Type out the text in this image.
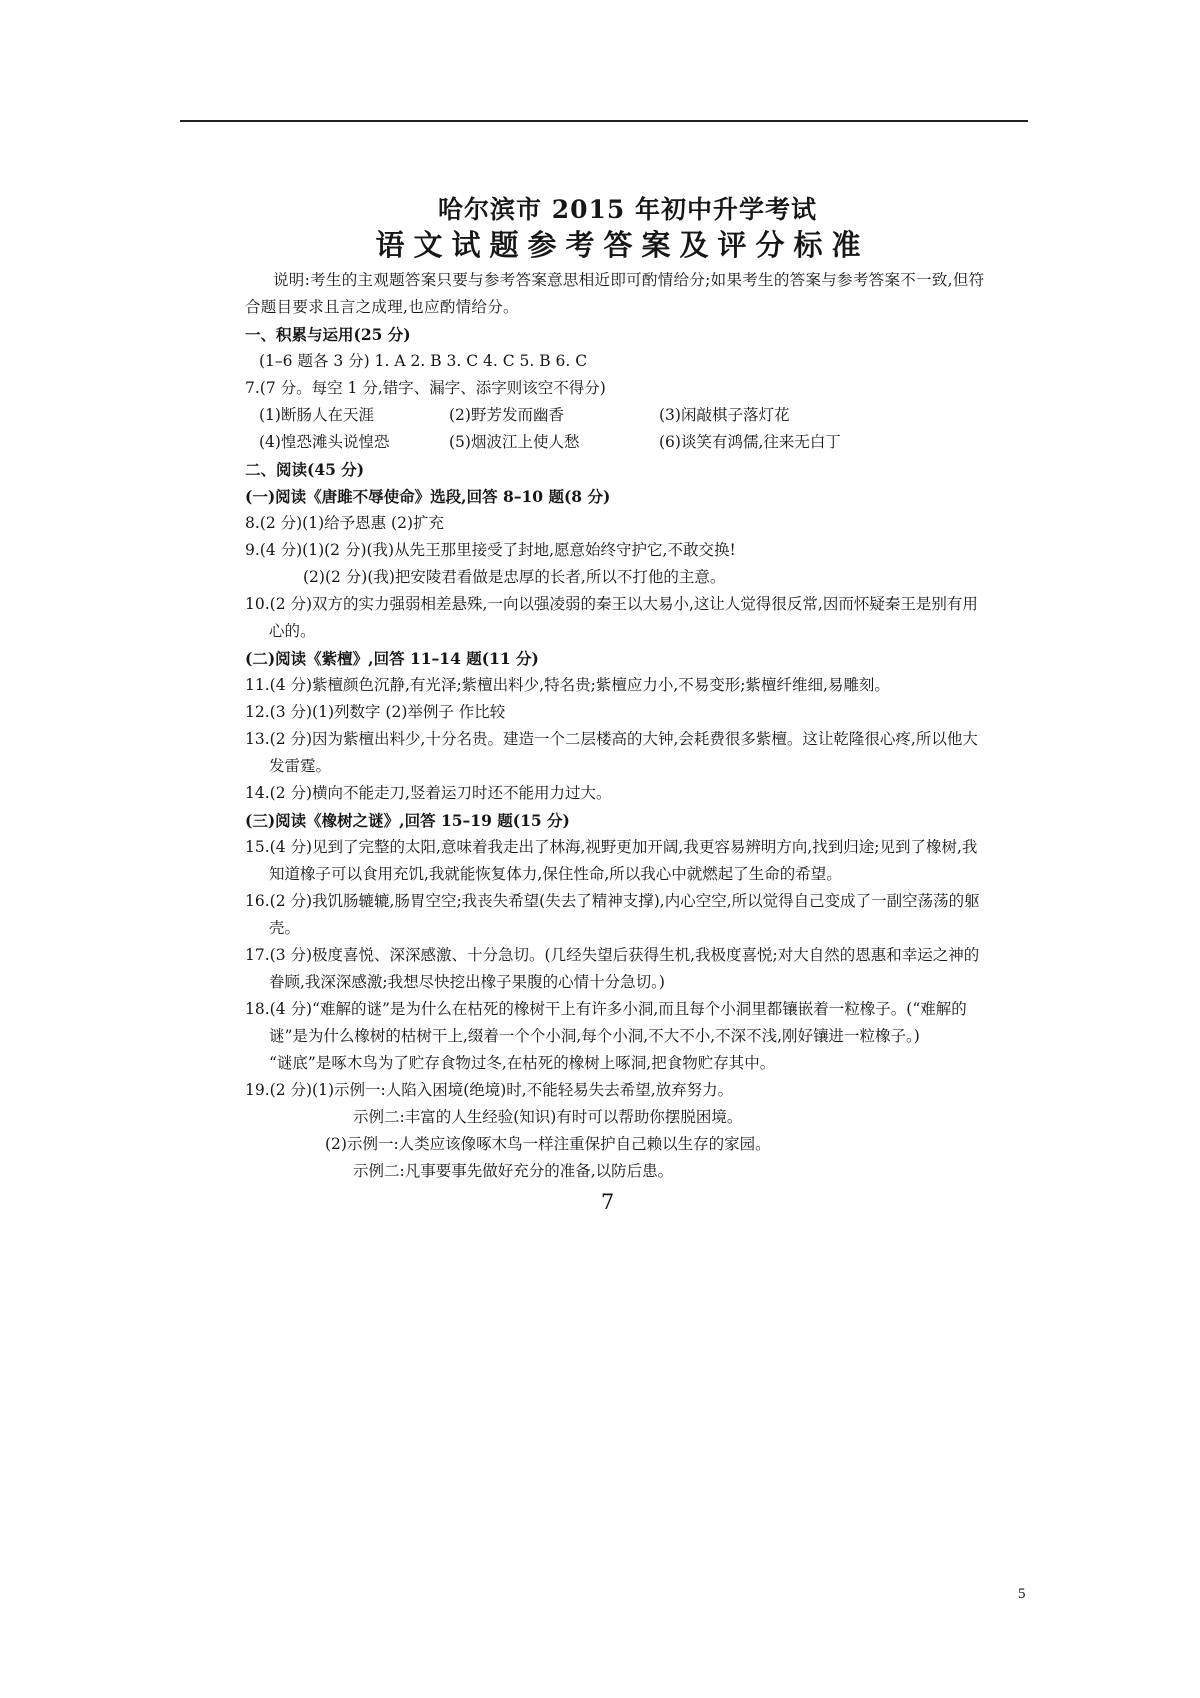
哈尔滨市 2015 年初中升学考试
语文试题参考答案及评分标准
说明:考生的主观题答案只要与参考答案意思相近即可酌情给分;如果考生的答案与参考答案不一致,但符合题目要求且言之成理,也应酌情给分。
一、积累与运用(25 分)
(1–6 题各 3 分) 1. A 2. B 3. C 4. C 5. B 6. C
7.(7 分。每空 1 分,错字、漏字、添字则该空不得分)
(1)断肠人在天涯	(2)野芳发而幽香	(3)闲敲棋子落灯花
(4)惶恐滩头说惶恐	(5)烟波江上使人愁	(6)谈笑有鸿儒,往来无白丁
二、阅读(45 分)
(一)阅读《唐雎不辱使命》选段,回答 8–10 题(8 分)
8.(2 分)(1)给予恩惠 (2)扩充
9.(4 分)(1)(2 分)(我)从先王那里接受了封地,愿意始终守护它,不敢交换!
(2)(2 分)(我)把安陵君看做是忠厚的长者,所以不打他的主意。
10.(2 分)双方的实力强弱相差悬殊,一向以强凌弱的秦王以大易小,这让人觉得很反常,因而怀疑秦王是别有用心的。
(二)阅读《紫檀》,回答 11–14 题(11 分)
11.(4 分)紫檀颜色沉静,有光泽;紫檀出料少,特名贵;紫檀应力小,不易变形;紫檀纤维细,易雕刻。
12.(3 分)(1)列数字 (2)举例子 作比较
13.(2 分)因为紫檀出料少,十分名贵。建造一个二层楼高的大钟,会耗费很多紫檀。这让乾隆很心疼,所以他大发雷霆。
14.(2 分)横向不能走刀,竖着运刀时还不能用力过大。
(三)阅读《橡树之谜》,回答 15–19 题(15 分)
15.(4 分)见到了完整的太阳,意味着我走出了林海,视野更加开阔,我更容易辨明方向,找到归途;见到了橡树,我知道橡子可以食用充饥,我就能恢复体力,保住性命,所以我心中就燃起了生命的希望。
16.(2 分)我饥肠辘辘,肠胃空空;我丧失希望(失去了精神支撑),内心空空,所以觉得自己变成了一副空荡荡的躯壳。
17.(3 分)极度喜悦、深深感激、十分急切。(几经失望后获得生机,我极度喜悦;对大自然的恩惠和幸运之神的眷顾,我深深感激;我想尽快挖出橡子果腹的心情十分急切。)
18.(4 分)“难解的谜”是为什么在枯死的橡树干上有许多小洞,而且每个小洞里都镶嵌着一粒橡子。(“难解的谜”是为什么橡树的枯树干上,缀着一个个小洞,每个小洞,不大不小,不深不浅,刚好镶进一粒橡子。)
“谜底”是啄木鸟为了贮存食物过冬,在枯死的橡树上啄洞,把食物贮存其中。
19.(2 分)(1)示例一:人陷入困境(绝境)时,不能轻易失去希望,放弃努力。
示例二:丰富的人生经验(知识)有时可以帮助你摆脱困境。
(2)示例一:人类应该像啄木鸟一样注重保护自己赖以生存的家园。
示例二:凡事要事先做好充分的准备,以防后患。
7
5
